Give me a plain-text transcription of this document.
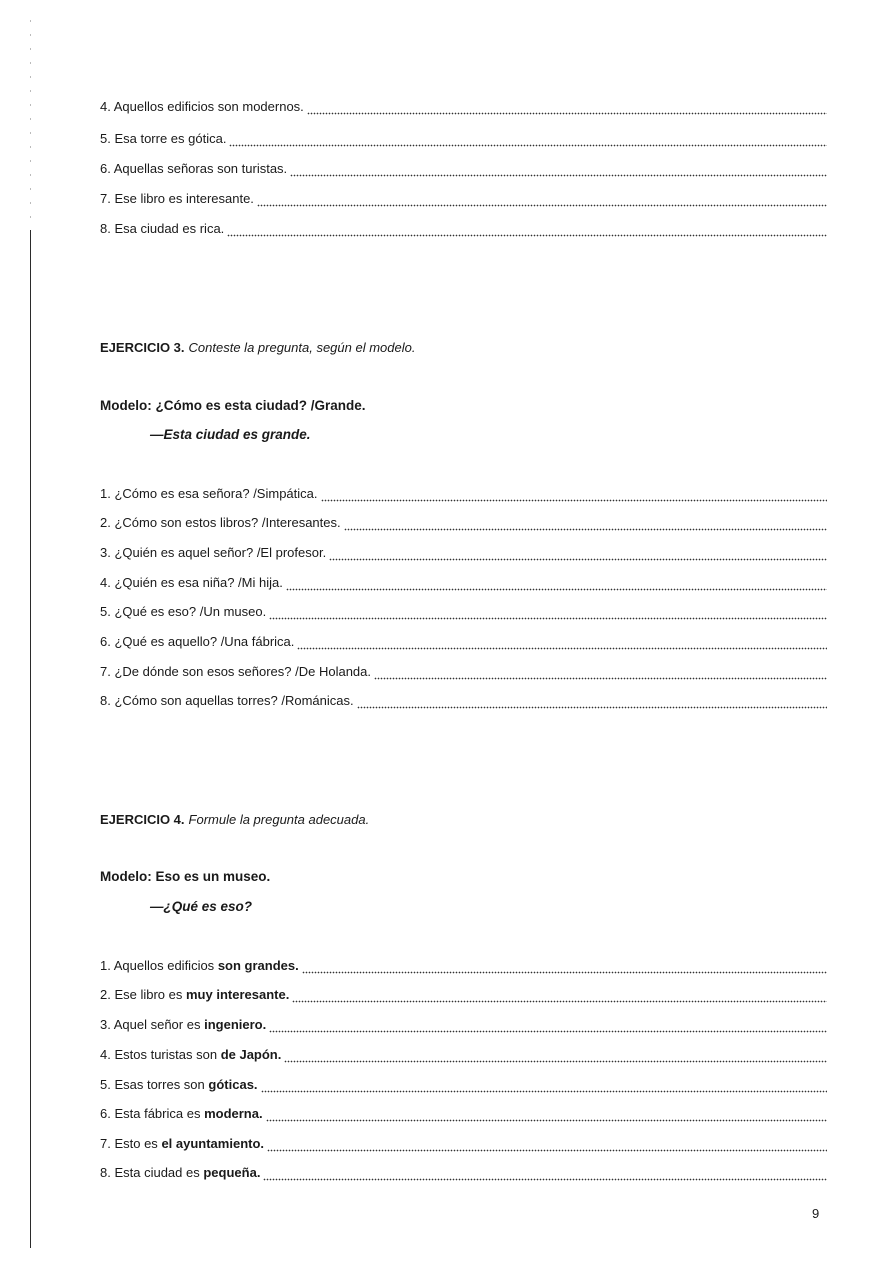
4. Aquellos edificios son modernos.
5. Esa torre es gótica.
6. Aquellas señoras son turistas.
7. Ese libro es interesante.
8. Esa ciudad es rica.
EJERCICIO 3. Conteste la pregunta, según el modelo.
Modelo: ¿Cómo es esta ciudad? /Grande.
—Esta ciudad es grande.
1. ¿Cómo es esa señora? /Simpática.
2. ¿Cómo son estos libros? /Interesantes.
3. ¿Quién es aquel señor? /El profesor.
4. ¿Quién es esa niña? /Mi hija.
5. ¿Qué es eso? /Un museo.
6. ¿Qué es aquello? /Una fábrica.
7. ¿De dónde son esos señores? /De Holanda.
8. ¿Cómo son aquellas torres? /Románicas.
EJERCICIO 4. Formule la pregunta adecuada.
Modelo: Eso es un museo.
—¿Qué es eso?
1. Aquellos edificios son grandes.
2. Ese libro es muy interesante.
3. Aquel señor es ingeniero.
4. Estos turistas son de Japón.
5. Esas torres son góticas.
6. Esta fábrica es moderna.
7. Esto es el ayuntamiento.
8. Esta ciudad es pequeña.
9
